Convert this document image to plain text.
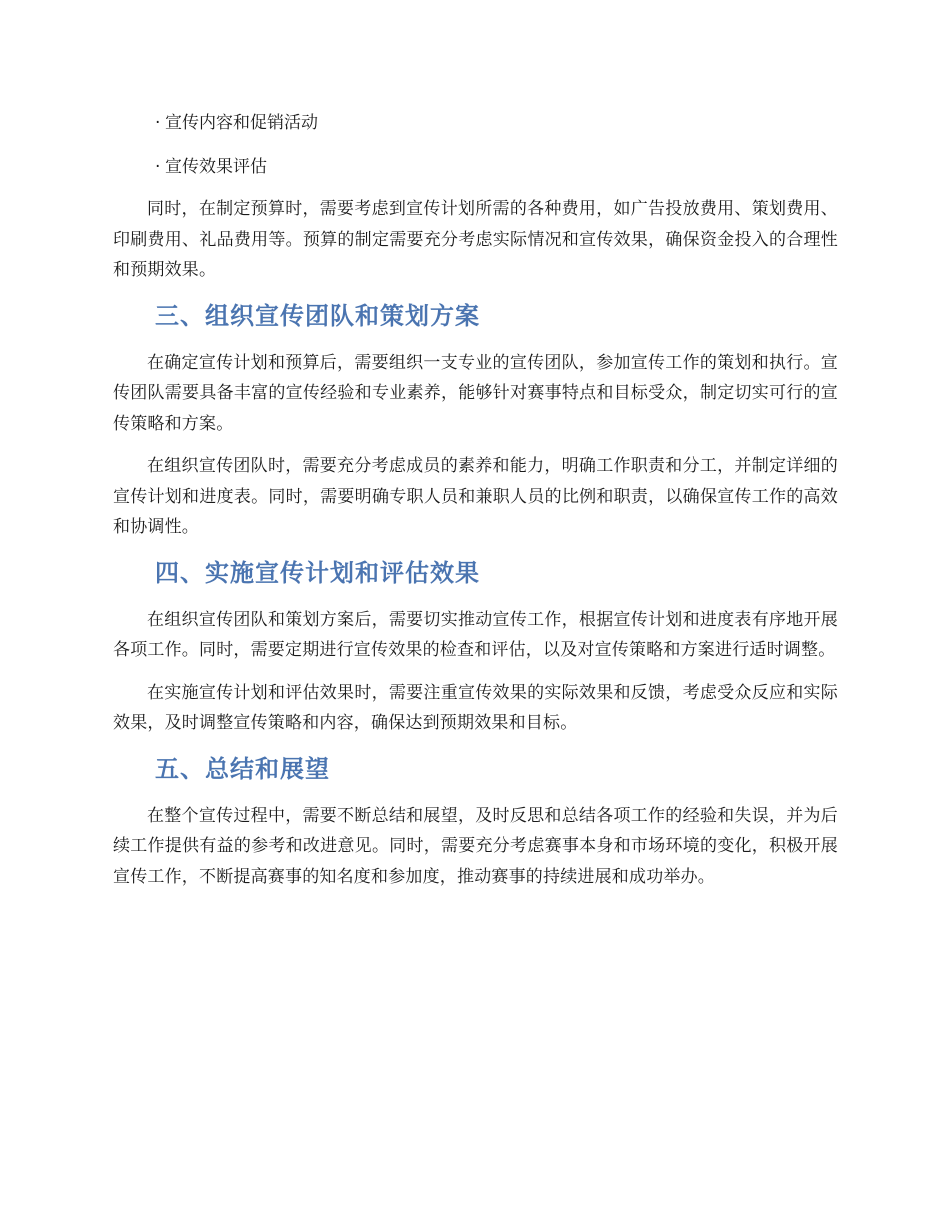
· 宣传内容和促销活动
· 宣传效果评估

同时，在制定预算时，需要考虑到宣传计划所需的各种费用，如广告投放费用、策划费用、印刷费用、礼品费用等。预算的制定需要充分考虑实际情况和宣传效果，确保资金投入的合理性和预期效果。

三、组织宣传团队和策划方案

在确定宣传计划和预算后，需要组织一支专业的宣传团队，参加宣传工作的策划和执行。宣传团队需要具备丰富的宣传经验和专业素养，能够针对赛事特点和目标受众，制定切实可行的宣传策略和方案。

在组织宣传团队时，需要充分考虑成员的素养和能力，明确工作职责和分工，并制定详细的宣传计划和进度表。同时，需要明确专职人员和兼职人员的比例和职责，以确保宣传工作的高效和协调性。

四、实施宣传计划和评估效果

在组织宣传团队和策划方案后，需要切实推动宣传工作，根据宣传计划和进度表有序地开展各项工作。同时，需要定期进行宣传效果的检查和评估，以及对宣传策略和方案进行适时调整。

在实施宣传计划和评估效果时，需要注重宣传效果的实际效果和反馈，考虑受众反应和实际效果，及时调整宣传策略和内容，确保达到预期效果和目标。

五、总结和展望

在整个宣传过程中，需要不断总结和展望，及时反思和总结各项工作的经验和失误，并为后续工作提供有益的参考和改进意见。同时，需要充分考虑赛事本身和市场环境的变化，积极开展宣传工作，不断提高赛事的知名度和参加度，推动赛事的持续进展和成功举办。
